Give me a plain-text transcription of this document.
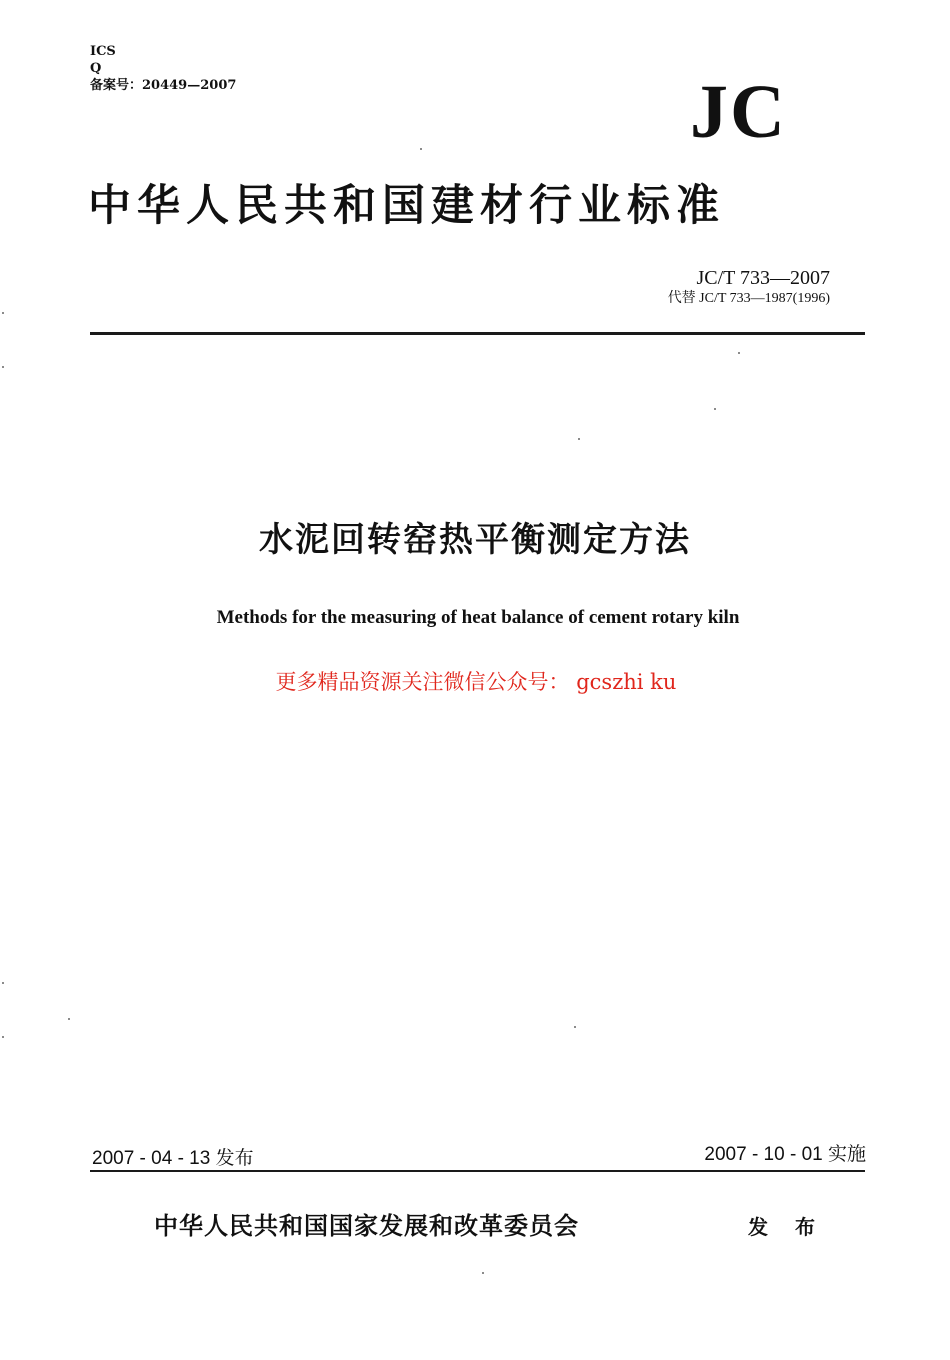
ICS
Q
备案号：20449—2007	JC
中华人民共和国建材行业标准
JC/T 733—2007
代替 JC/T 733—1987(1996)
水泥回转窑热平衡测定方法
Methods for the measuring of heat balance of cement rotary kiln
更多精品资源关注微信公众号： gcszhi ku
2007 - 04 - 13 发布	2007 - 10 - 01 实施
中华人民共和国国家发展和改革委员会	发 布
